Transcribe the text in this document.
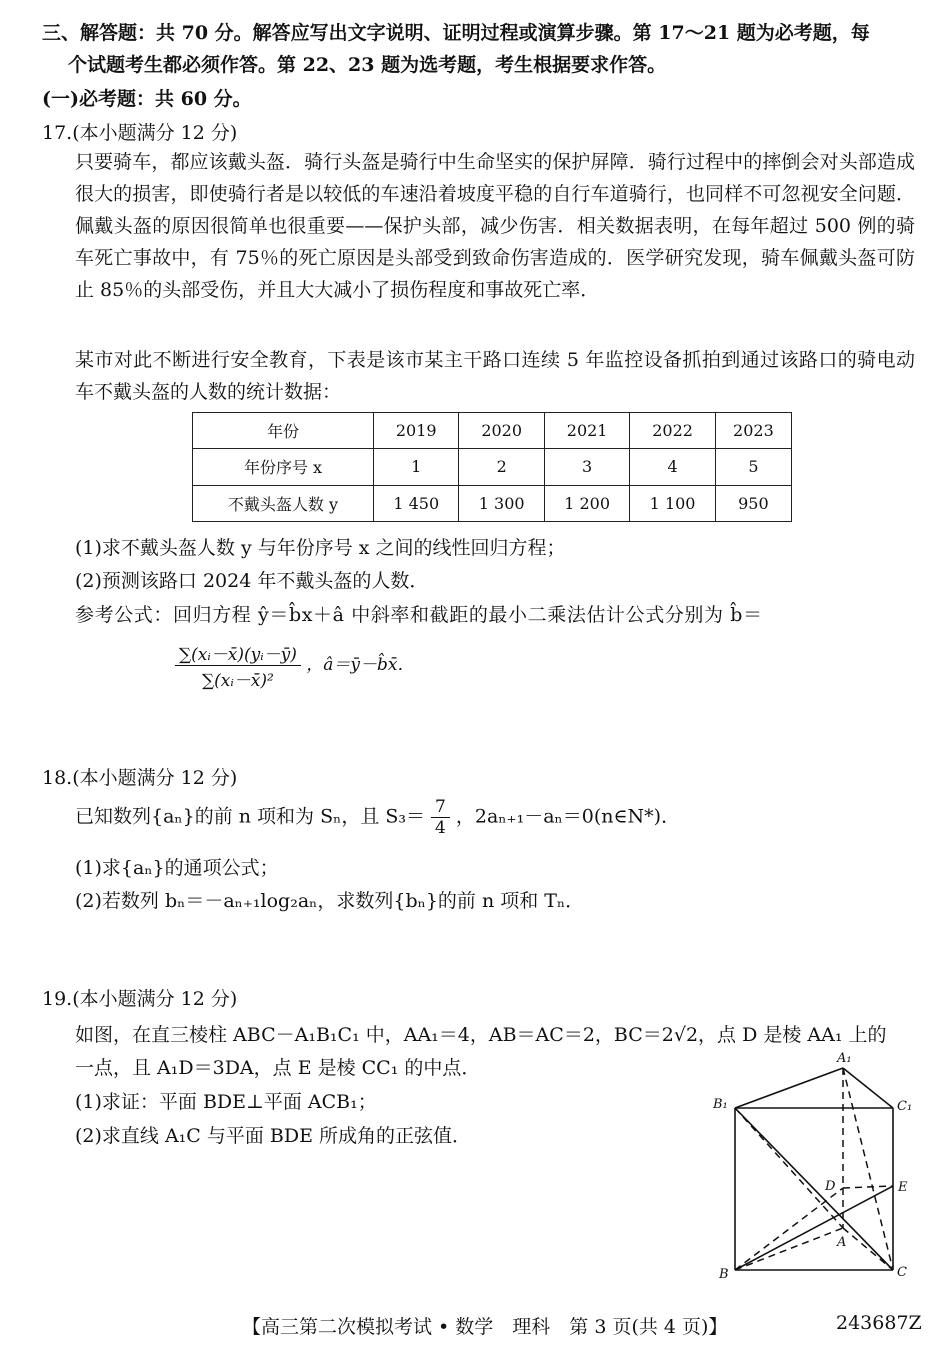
三、解答题：共 70 分。解答应写出文字说明、证明过程或演算步骤。第 17～21 题为必考题，每
个试题考生都必须作答。第 22、23 题为选考题，考生根据要求作答。
(一)必考题：共 60 分。
17.(本小题满分 12 分)
只要骑车，都应该戴头盔．骑行头盔是骑行中生命坚实的保护屏障．骑行过程中的摔倒会对头部造成很大的损害，即使骑行者是以较低的车速沿着坡度平稳的自行车道骑行，也同样不可忽视安全问题．佩戴头盔的原因很简单也很重要——保护头部，减少伤害．相关数据表明，在每年超过 500 例的骑车死亡事故中，有 75％的死亡原因是头部受到致命伤害造成的．医学研究发现，骑车佩戴头盔可防止 85％的头部受伤，并且大大减小了损伤程度和事故死亡率．
某市对此不断进行安全教育，下表是该市某主干路口连续 5 年监控设备抓拍到通过该路口的骑电动车不戴头盔的人数的统计数据：
年份	2019	2020	2021	2022	2023
年份序号 x	1	2	3	4	5
不戴头盔人数 y	1 450	1 300	1 200	1 100	950
(1)求不戴头盔人数 y 与年份序号 x 之间的线性回归方程；
(2)预测该路口 2024 年不戴头盔的人数．
参考公式：回归方程 ŷ＝b̂x＋â 中斜率和截距的最小二乘法估计公式分别为 b̂＝
$\frac{\text{∑(xᵢ－x̄)(yᵢ－ȳ)}}{\text{∑(xᵢ－x̄)²}}$ ，â＝ȳ－b̂x̄．
18.(本小题满分 12 分)
已知数列{aₙ}的前 n 项和为 Sₙ，且 $S_3= \frac{7}{4}$ ，2aₙ₊₁－aₙ＝0(n∈N*)．
(1)求{aₙ}的通项公式；
(2)若数列 bₙ＝－aₙ₊₁log₂aₙ，求数列{bₙ}的前 n 项和 Tₙ．
19.(本小题满分 12 分)
如图，在直三棱柱 ABC－A₁B₁C₁ 中，AA₁＝4，AB＝AC＝2，BC＝2√2，点 D 是棱 AA₁ 上的
一点，且 A₁D＝3DA，点 E 是棱 CC₁ 的中点．
(1)求证：平面 BDE⊥平面 ACB₁；
(2)求直线 A₁C 与平面 BDE 所成角的正弦值．
A₁
B₁	C₁
D	E
A
B	C
【高三第二次模拟考试 • 数学　理科　第 3 页(共 4 页)】	243687Z
